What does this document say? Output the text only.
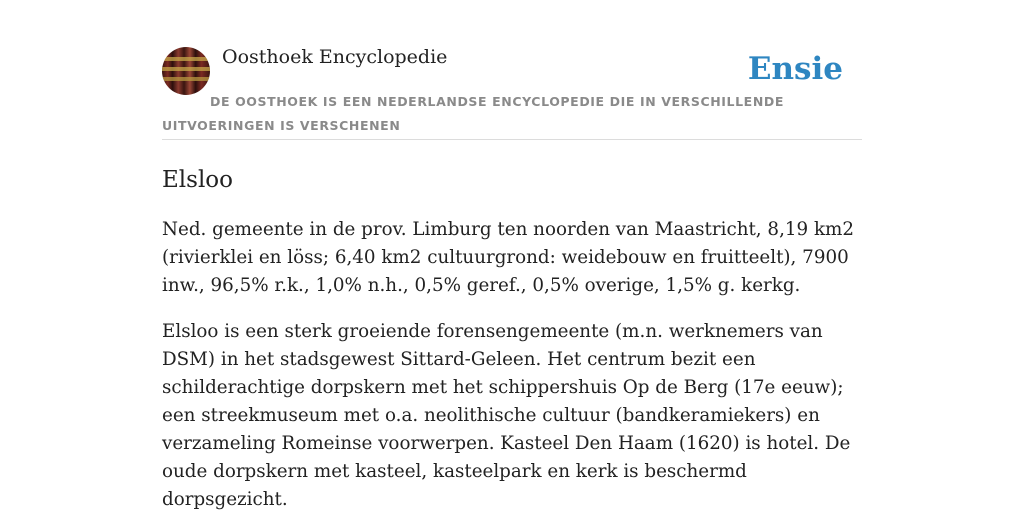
Oosthoek Encyclopedie	Ensie
DE OOSTHOEK IS EEN NEDERLANDSE ENCYCLOPEDIE DIE IN VERSCHILLENDE UITVOERINGEN IS VERSCHENEN
Elsloo
Ned. gemeente in de prov. Limburg ten noorden van Maastricht, 8,19 km2 (rivierklei en löss; 6,40 km2 cultuurgrond: weidebouw en fruitteelt), 7900 inw., 96,5% r.k., 1,0% n.h., 0,5% geref., 0,5% overige, 1,5% g. kerkg.
Elsloo is een sterk groeiende forensengemeente (m.n. werknemers van DSM) in het stadsgewest Sittard-Geleen. Het centrum bezit een schilderachtige dorpskern met het schippershuis Op de Berg (17e eeuw); een streekmuseum met o.a. neolithische cultuur (bandkeramiekers) en verzameling Romeinse voorwerpen. Kasteel Den Haam (1620) is hotel. De oude dorpskern met kasteel, kasteelpark en kerk is beschermd dorpsgezicht.
